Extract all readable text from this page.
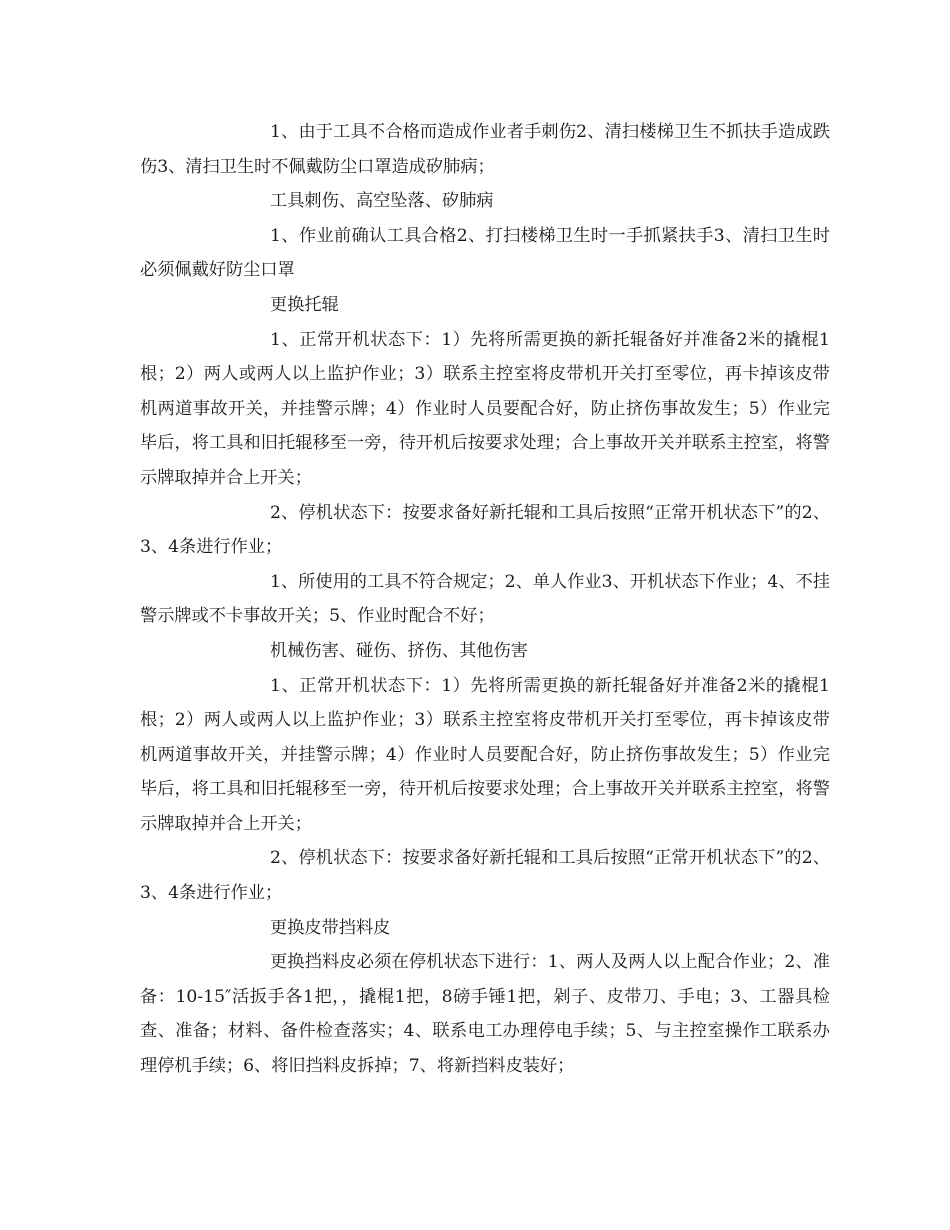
1、由于工具不合格而造成作业者手刺伤2、清扫楼梯卫生不抓扶手造成跌伤3、清扫卫生时不佩戴防尘口罩造成矽肺病；

工具刺伤、高空坠落、矽肺病

1、作业前确认工具合格2、打扫楼梯卫生时一手抓紧扶手3、清扫卫生时必须佩戴好防尘口罩

更换托辊

1、正常开机状态下：1）先将所需更换的新托辊备好并准备2米的撬棍1根；2）两人或两人以上监护作业；3）联系主控室将皮带机开关打至零位，再卡掉该皮带机两道事故开关，并挂警示牌；4）作业时人员要配合好，防止挤伤事故发生；5）作业完毕后，将工具和旧托辊移至一旁，待开机后按要求处理；合上事故开关并联系主控室，将警示牌取掉并合上开关；

2、停机状态下：按要求备好新托辊和工具后按照“正常开机状态下”的2、3、4条进行作业；

1、所使用的工具不符合规定；2、单人作业3、开机状态下作业；4、不挂警示牌或不卡事故开关；5、作业时配合不好；

机械伤害、碰伤、挤伤、其他伤害

1、正常开机状态下：1）先将所需更换的新托辊备好并准备2米的撬棍1根；2）两人或两人以上监护作业；3）联系主控室将皮带机开关打至零位，再卡掉该皮带机两道事故开关，并挂警示牌；4）作业时人员要配合好，防止挤伤事故发生；5）作业完毕后，将工具和旧托辊移至一旁，待开机后按要求处理；合上事故开关并联系主控室，将警示牌取掉并合上开关；

2、停机状态下：按要求备好新托辊和工具后按照“正常开机状态下”的2、3、4条进行作业；

更换皮带挡料皮

更换挡料皮必须在停机状态下进行：1、两人及两人以上配合作业；2、准备：10-15″活扳手各1把，，撬棍1把，8磅手锤1把，剁子、皮带刀、手电；3、工器具检查、准备；材料、备件检查落实；4、联系电工办理停电手续；5、与主控室操作工联系办理停机手续；6、将旧挡料皮拆掉；7、将新挡料皮装好；
